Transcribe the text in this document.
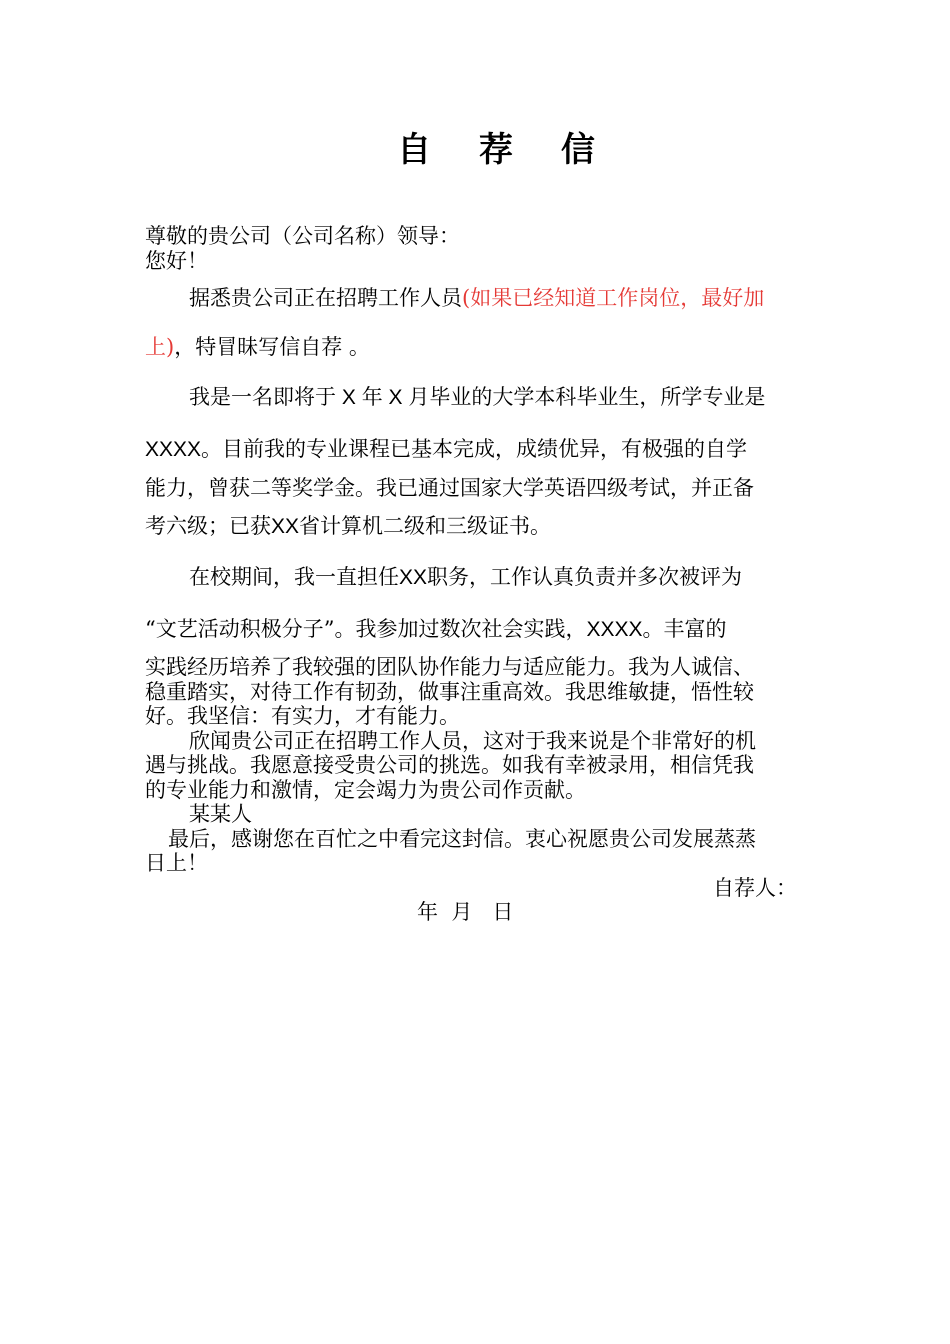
自 荐 信
尊敬的贵公司（公司名称）领导：
您好！
据悉贵公司正在招聘工作人员(如果已经知道工作岗位，最好加
上)，特冒昧写信自荐 。
我是一名即将于 X 年 X 月毕业的大学本科毕业生，所学专业是
XXXX。目前我的专业课程已基本完成，成绩优异，有极强的自学
能力，曾获二等奖学金。我已通过国家大学英语四级考试，并正备
考六级；已获XX省计算机二级和三级证书。
在校期间，我一直担任XX职务，工作认真负责并多次被评为
“文艺活动积极分子”。我参加过数次社会实践，XXXX。丰富的
实践经历培养了我较强的团队协作能力与适应能力。我为人诚信、
稳重踏实，对待工作有韧劲，做事注重高效。我思维敏捷，悟性较
好。我坚信：有实力，才有能力。
欣闻贵公司正在招聘工作人员，这对于我来说是个非常好的机
遇与挑战。我愿意接受贵公司的挑选。如我有幸被录用，相信凭我
的专业能力和激情，定会竭力为贵公司作贡献。
某某人
最后，感谢您在百忙之中看完这封信。衷心祝愿贵公司发展蒸蒸
日上！
自荐人：
年  月   日
